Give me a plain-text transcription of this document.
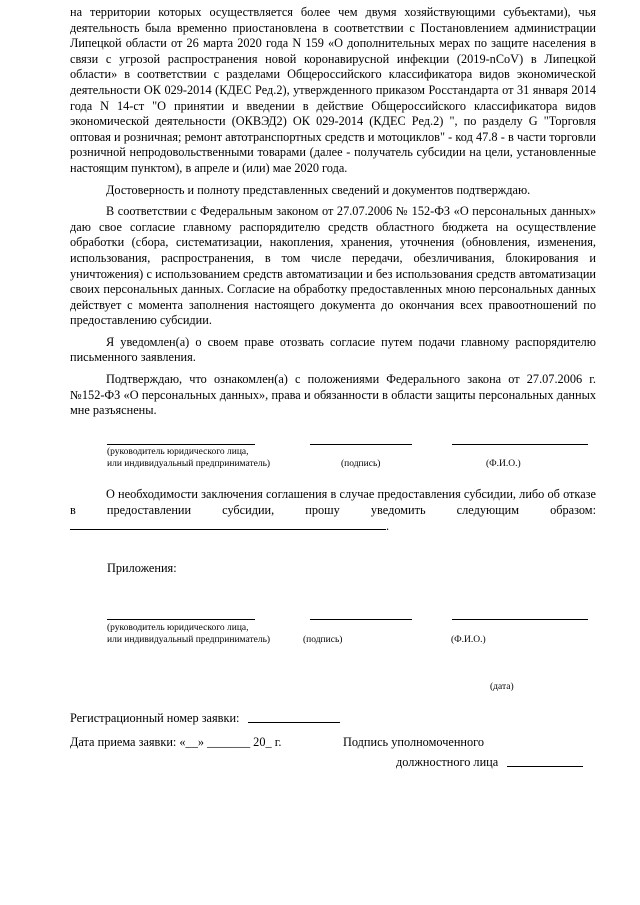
на территории которых осуществляется более чем двумя хозяйствующими субъектами), чья деятельность была временно приостановлена в соответствии с Постановлением администрации Липецкой области от 26 марта 2020 года N 159 «О дополнительных мерах по защите населения в связи с угрозой распространения новой коронавирусной инфекции (2019-nCoV) в Липецкой области» в соответствии с разделами Общероссийского классификатора видов экономической деятельности ОК 029-2014 (КДЕС Ред.2), утвержденного приказом Росстандарта от 31 января 2014 года N 14-ст "О принятии и введении в действие Общероссийского классификатора видов экономической деятельности (ОКВЭД2) ОК 029-2014 (КДЕС Ред.2) ", по разделу G "Торговля оптовая и розничная; ремонт автотранспортных средств и мотоциклов" - код 47.8 - в части торговли розничной непродовольственными товарами (далее - получатель субсидии на цели, установленные настоящим пунктом), в апреле и (или) мае 2020 года.

Достоверность и полноту представленных сведений и документов подтверждаю.

В соответствии с Федеральным законом от 27.07.2006 № 152-ФЗ «О персональных данных» даю свое согласие главному распорядителю средств областного бюджета на осуществление обработки (сбора, систематизации, накопления, хранения, уточнения (обновления, изменения, использования, распространения, в том числе передачи, обезличивания, блокирования и уничтожения) с использованием средств автоматизации и без использования средств автоматизации своих персональных данных. Согласие на обработку предоставленных мною персональных данных действует с момента заполнения настоящего документа до окончания всех правоотношений по предоставлению субсидии.

Я уведомлен(а) о своем праве отозвать согласие путем подачи главному распорядителю письменного заявления.

Подтверждаю, что ознакомлен(а) с положениями Федерального закона от 27.07.2006 г. №152-ФЗ «О персональных данных», права и обязанности в области защиты персональных данных мне разъяснены.

(руководитель юридического лица,
или индивидуальный предприниматель)	(подпись)	(Ф.И.О.)

О необходимости заключения соглашения в случае предоставления субсидии, либо об отказе в предоставлении субсидии, прошу уведомить следующим образом:.

Приложения:
(руководитель юридического лица,
или индивидуальный предприниматель)	(подпись)	(Ф.И.О.)
(дата)
Регистрационный номер заявки:
Дата приема заявки: «__» _______ 20_ г.	Подпись уполномоченного
должностного лица
